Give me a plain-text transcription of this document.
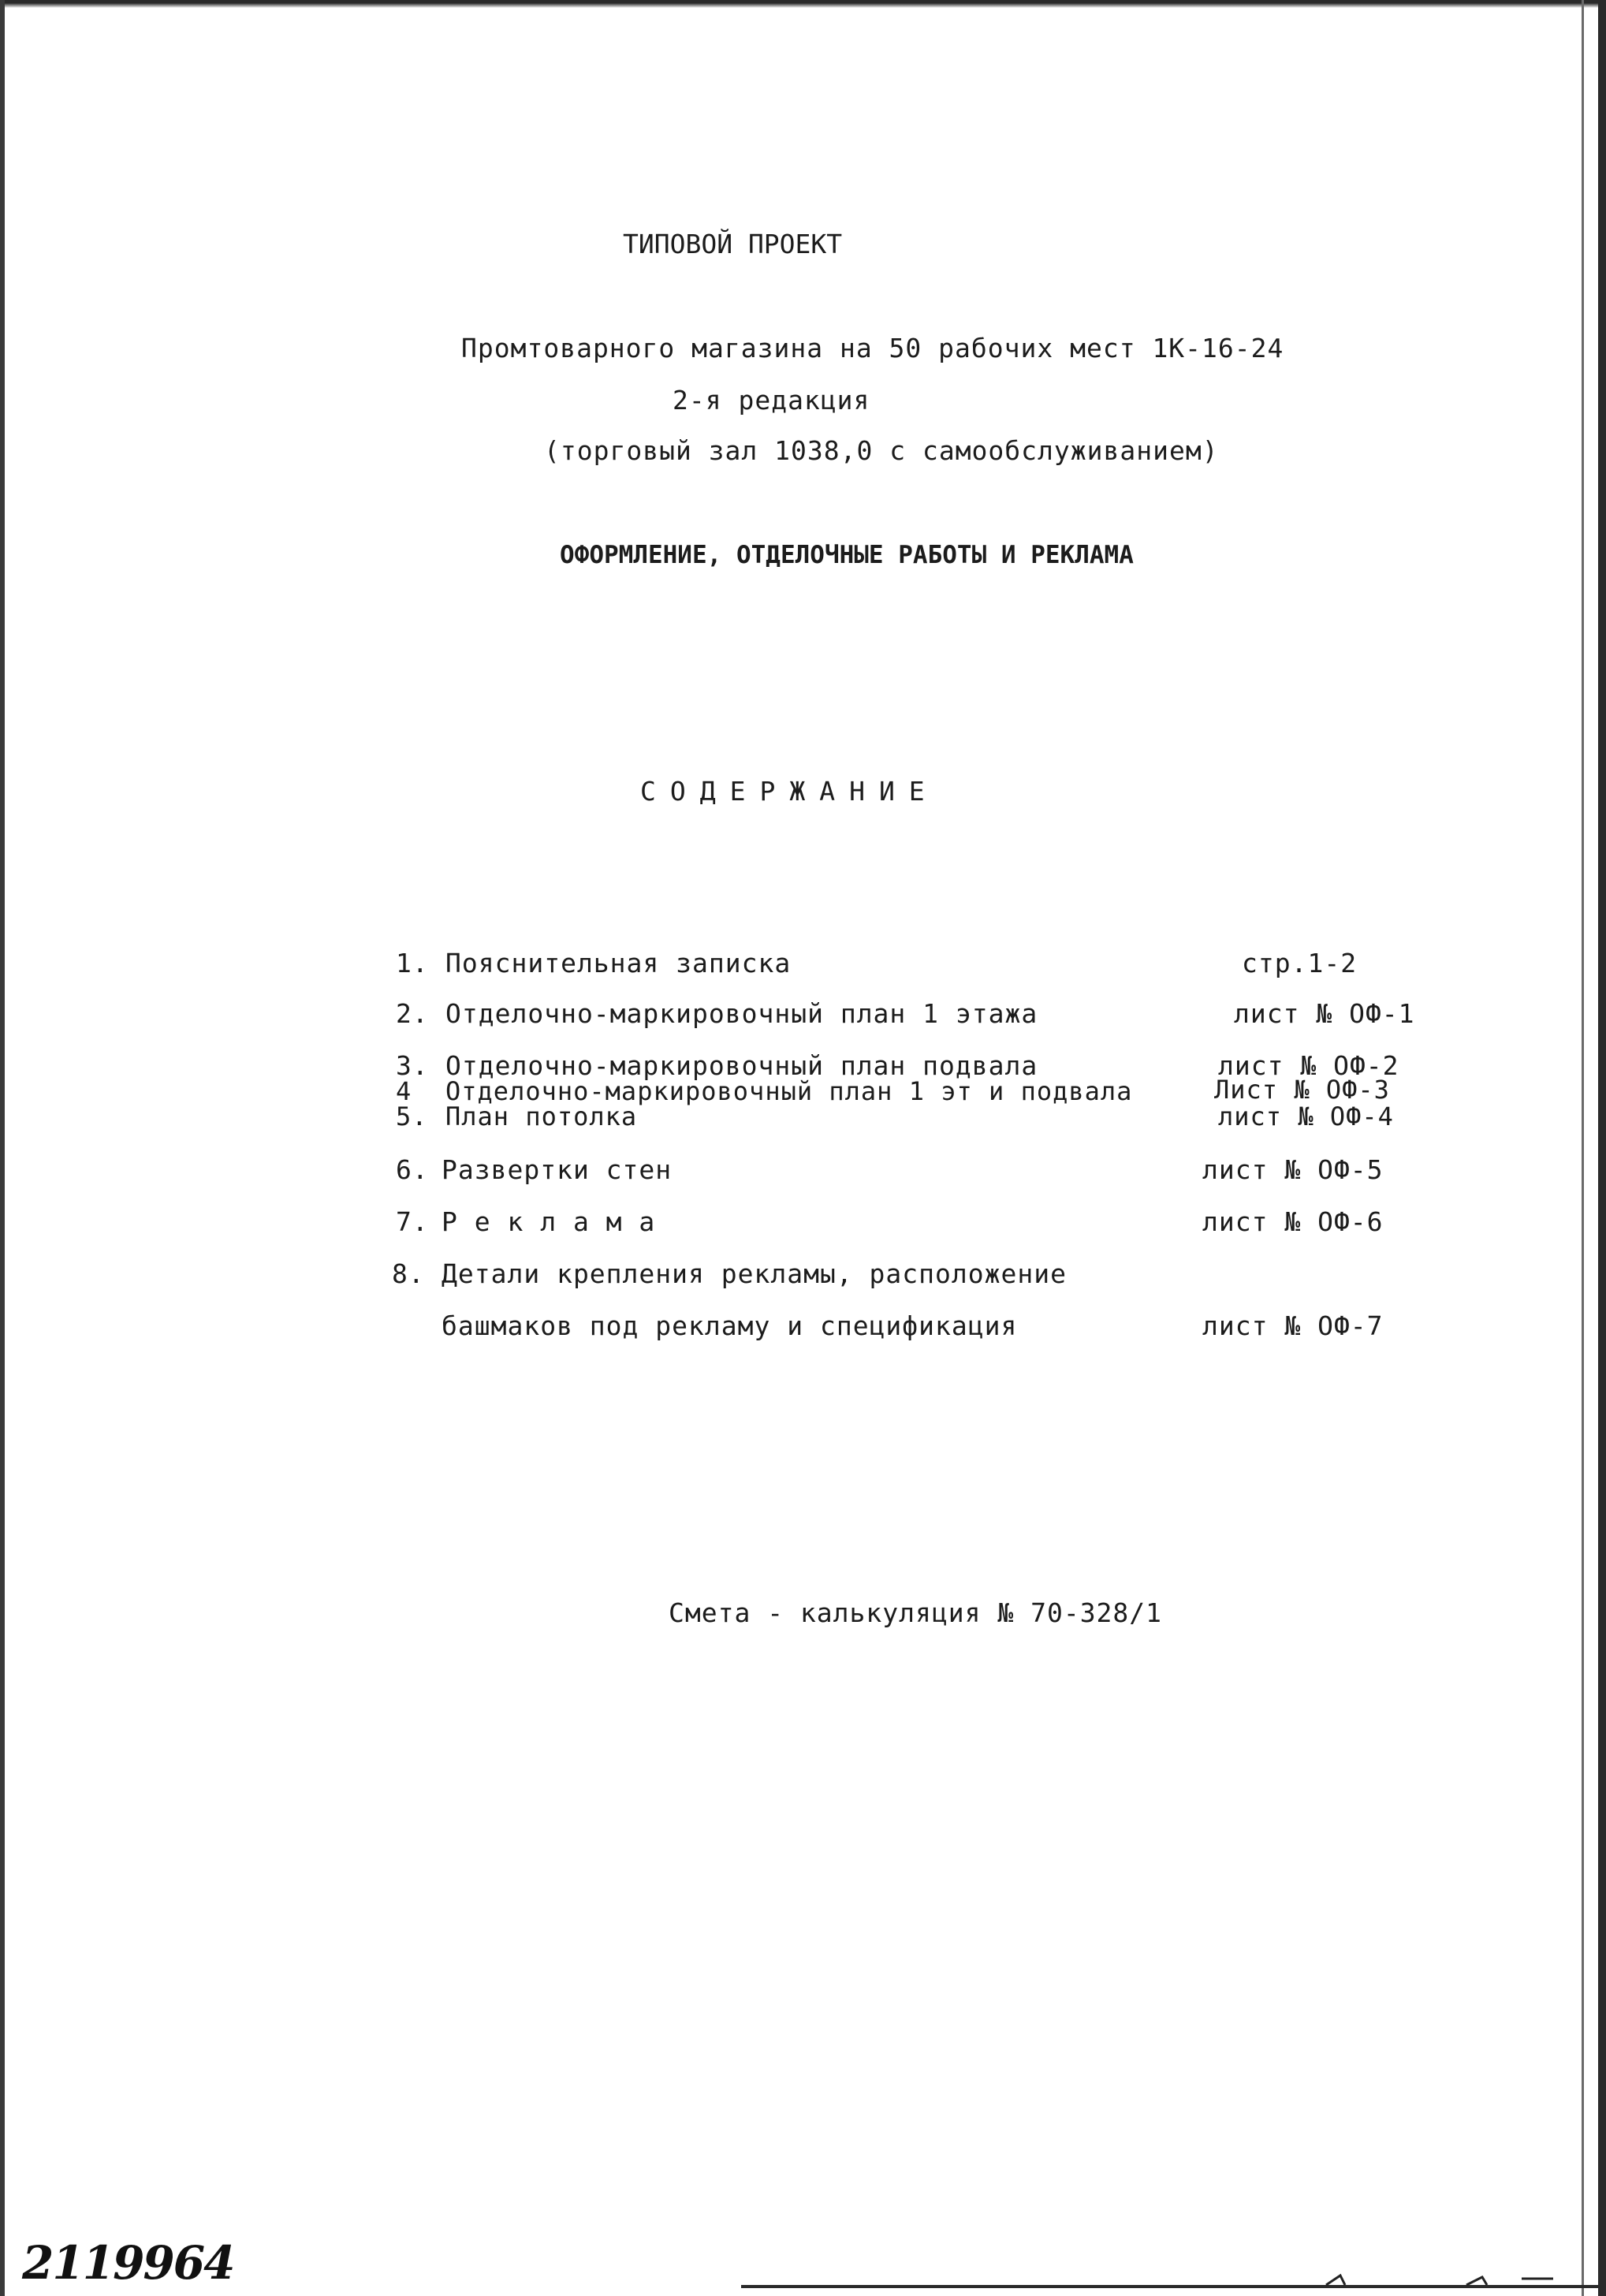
ТИПОВОЙ ПРОЕКТ
Промтоварного магазина на 50 рабочих мест 1К-16-24
2-я редакция
(торговый зал 1038,0 с самообслуживанием)
ОФОРМЛЕНИЕ, ОТДЕЛОЧНЫЕ РАБОТЫ И РЕКЛАМА
СОДЕРЖАНИЕ
1. Пояснительная записка	стр.1-2
2. Отделочно-маркировочный план 1 этажа	лист № ОФ-1
3. Отделочно-маркировочный план подвала	лист № ОФ-2
4 Отделочно-маркировочный план 1 эт и подвала	Лист № ОФ-3
5. План потолка	лист № ОФ-4
6. Развертки стен	лист № ОФ-5
7. Р е к л а м а	лист № ОФ-6
8. Детали крепления рекламы, расположение
башмаков под рекламу и спецификация	лист № ОФ-7
Смета - калькуляция № 70-328/1
2119964
